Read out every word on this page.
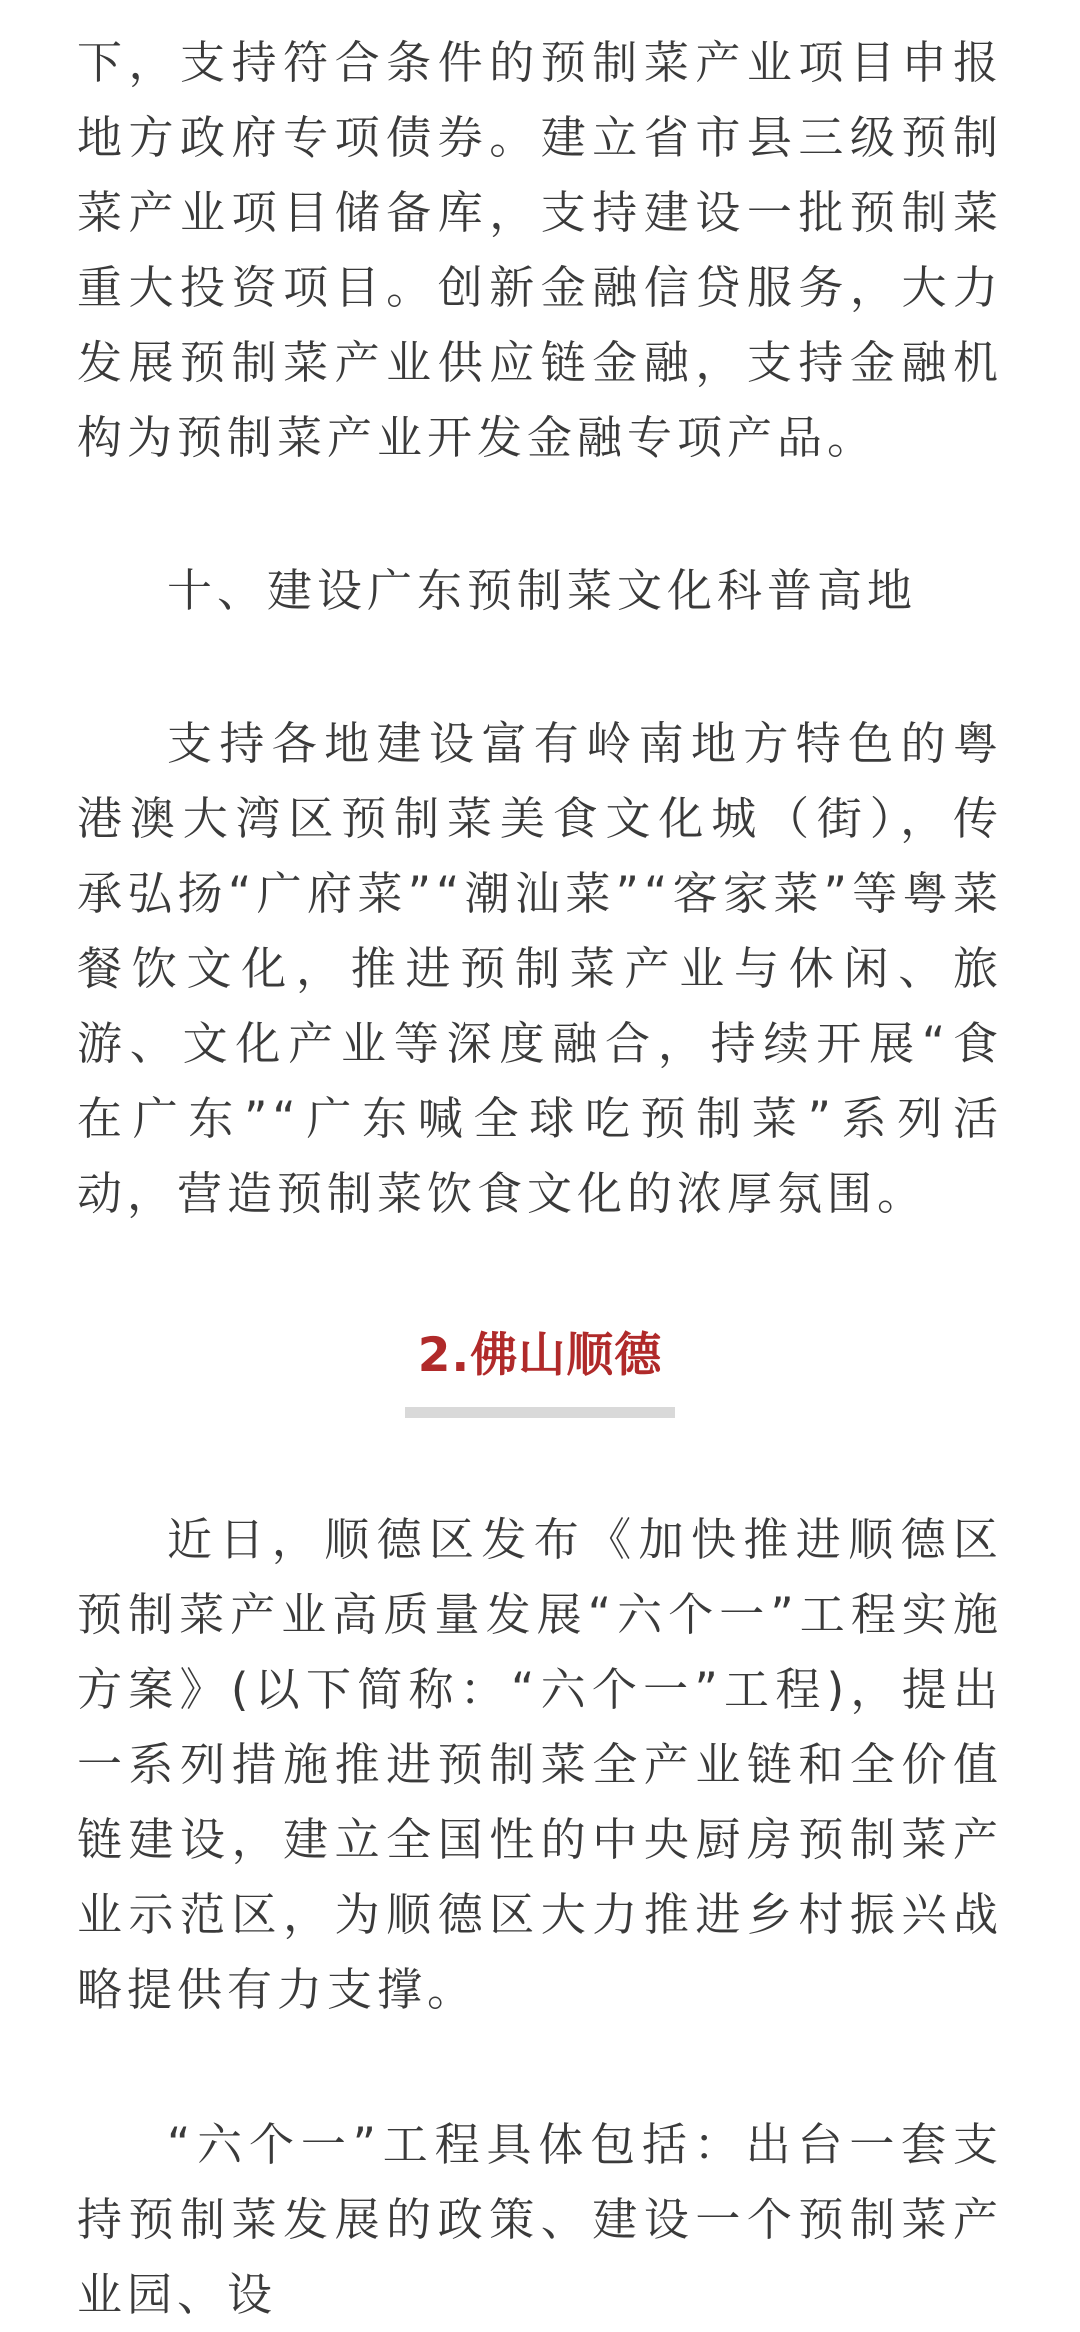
下，支持符合条件的预制菜产业项目申报地方政府专项债券。建立省市县三级预制菜产业项目储备库，支持建设一批预制菜重大投资项目。创新金融信贷服务，大力发展预制菜产业供应链金融，支持金融机构为预制菜产业开发金融专项产品。

十、建设广东预制菜文化科普高地

支持各地建设富有岭南地方特色的粤港澳大湾区预制菜美食文化城（街），传承弘扬“广府菜”“潮汕菜”“客家菜”等粤菜餐饮文化，推进预制菜产业与休闲、旅游、文化产业等深度融合，持续开展“食在广东”“广东喊全球吃预制菜”系列活动，营造预制菜饮食文化的浓厚氛围。

2.佛山顺德

近日，顺德区发布《加快推进顺德区预制菜产业高质量发展“六个一”工程实施方案》(以下简称：“六个一”工程)，提出一系列措施推进预制菜全产业链和全价值链建设，建立全国性的中央厨房预制菜产业示范区，为顺德区大力推进乡村振兴战略提供有力支撑。

“六个一”工程具体包括：出台一套支持预制菜发展的政策、建设一个预制菜产业园、设
